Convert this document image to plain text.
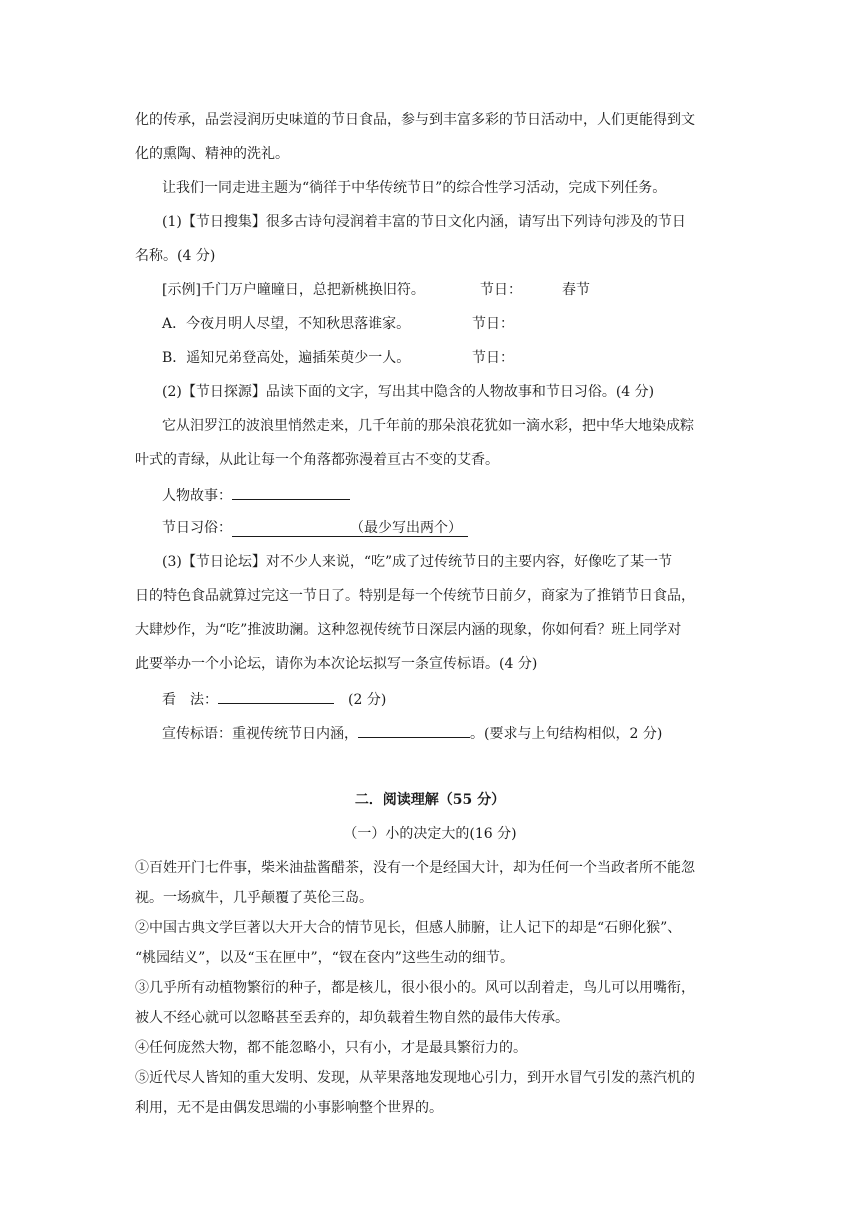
化的传承，品尝浸润历史味道的节日食品，参与到丰富多彩的节日活动中，人们更能得到文
化的熏陶、精神的洗礼。
让我们一同走进主题为“徜徉于中华传统节日”的综合性学习活动，完成下列任务。
(1)【节日搜集】很多古诗句浸润着丰富的节日文化内涵，请写出下列诗句涉及的节日
名称。(4 分)
[示例]千门万户曈曈日，总把新桃换旧符。	节日：	春节
A．今夜月明人尽望，不知秋思落谁家。	节日：
B．遥知兄弟登高处，遍插茱萸少一人。	节日：
(2)【节日探源】品读下面的文字，写出其中隐含的人物故事和节日习俗。(4 分)
它从汨罗江的波浪里悄然走来，几千年前的那朵浪花犹如一滴水彩，把中华大地染成粽
叶式的青绿，从此让每一个角落都弥漫着亘古不变的艾香。
人物故事：
节日习俗：	（最少写出两个）
(3)【节日论坛】对不少人来说，“吃”成了过传统节日的主要内容，好像吃了某一节
日的特色食品就算过完这一节日了。特别是每一个传统节日前夕，商家为了推销节日食品，
大肆炒作，为“吃”推波助澜。这种忽视传统节日深层内涵的现象，你如何看？班上同学对
此要举办一个小论坛，请你为本次论坛拟写一条宣传标语。(4 分)
看　法：	(2 分)
宣传标语：重视传统节日内涵，	。(要求与上句结构相似，2 分)
二．阅读理解（55 分）
（一）小的决定大的(16 分)
①百姓开门七件事，柴米油盐酱醋茶，没有一个是经国大计，却为任何一个当政者所不能忽
视。一场疯牛，几乎颠覆了英伦三岛。
②中国古典文学巨著以大开大合的情节见长，但感人肺腑，让人记下的却是“石卵化猴”、
“桃园结义”，以及“玉在匣中”，“钗在奁内”这些生动的细节。
③几乎所有动植物繁衍的种子，都是核儿，很小很小的。风可以刮着走，鸟儿可以用嘴衔，
被人不经心就可以忽略甚至丢弃的，却负载着生物自然的最伟大传承。
④任何庞然大物，都不能忽略小，只有小，才是最具繁衍力的。
⑤近代尽人皆知的重大发明、发现，从苹果落地发现地心引力，到开水冒气引发的蒸汽机的
利用，无不是由偶发思端的小事影响整个世界的。
